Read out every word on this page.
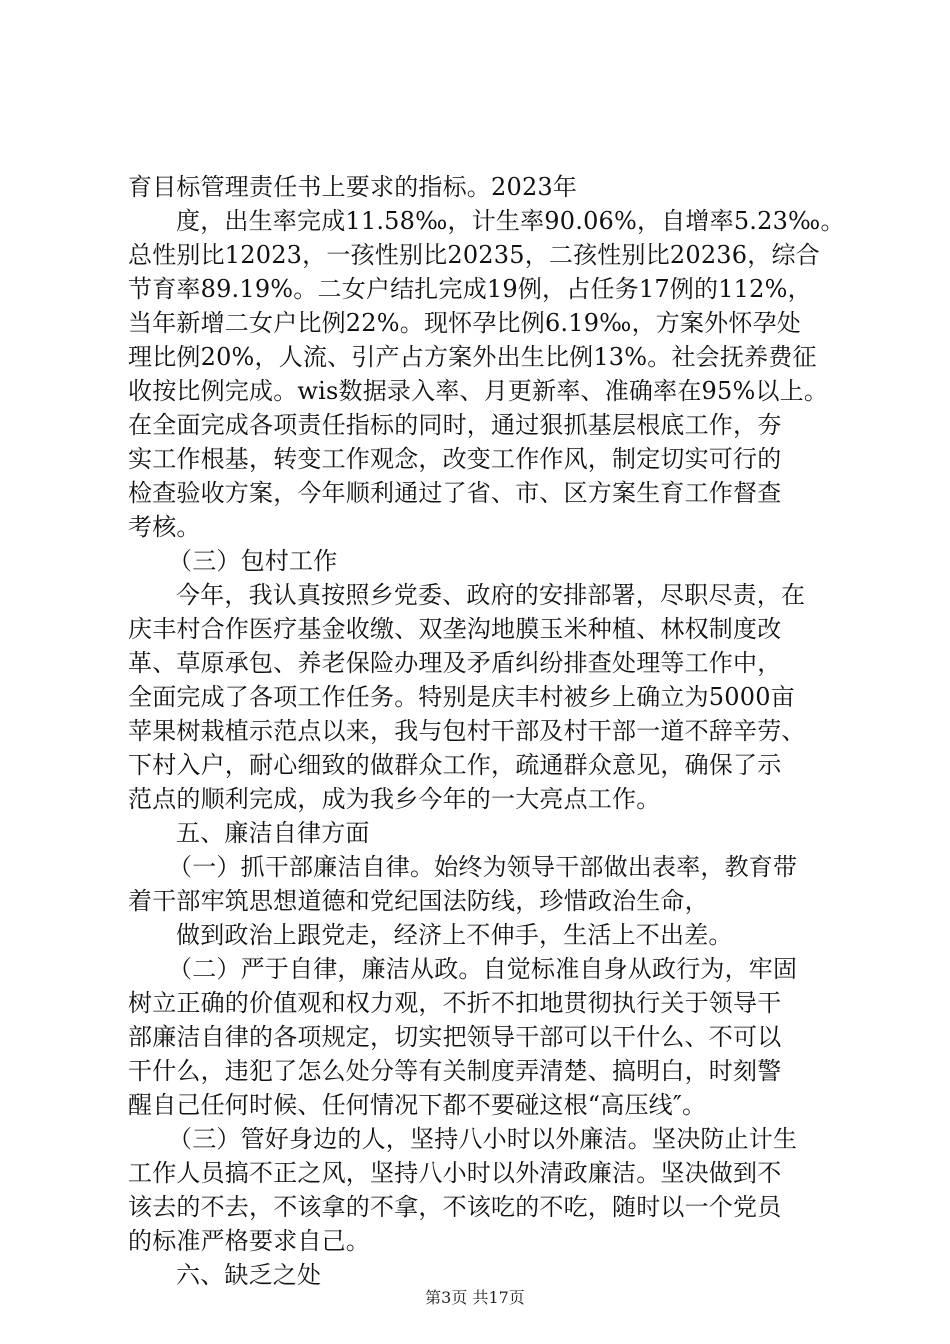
育目标管理责任书上要求的指标。2023年
度，出生率完成11.58‰，计生率90.06%，自增率5.23‰。
总性别比12023，一孩性别比20235，二孩性别比20236，综合
节育率89.19%。二女户结扎完成19例，占任务17例的112%，
当年新增二女户比例22%。现怀孕比例6.19‰，方案外怀孕处
理比例20%，人流、引产占方案外出生比例13%。社会抚养费征
收按比例完成。wis数据录入率、月更新率、准确率在95%以上。
在全面完成各项责任指标的同时，通过狠抓基层根底工作，夯
实工作根基，转变工作观念，改变工作作风，制定切实可行的
检查验收方案，今年顺利通过了省、市、区方案生育工作督查
考核。
（三）包村工作
今年，我认真按照乡党委、政府的安排部署，尽职尽责，在
庆丰村合作医疗基金收缴、双垄沟地膜玉米种植、林权制度改
革、草原承包、养老保险办理及矛盾纠纷排查处理等工作中，
全面完成了各项工作任务。特别是庆丰村被乡上确立为5000亩
苹果树栽植示范点以来，我与包村干部及村干部一道不辞辛劳、
下村入户，耐心细致的做群众工作，疏通群众意见，确保了示
范点的顺利完成，成为我乡今年的一大亮点工作。
五、廉洁自律方面
（一）抓干部廉洁自律。始终为领导干部做出表率，教育带
着干部牢筑思想道德和党纪国法防线，珍惜政治生命，
做到政治上跟党走，经济上不伸手，生活上不出差。
（二）严于自律，廉洁从政。自觉标准自身从政行为，牢固
树立正确的价值观和权力观，不折不扣地贯彻执行关于领导干
部廉洁自律的各项规定，切实把领导干部可以干什么、不可以
干什么，违犯了怎么处分等有关制度弄清楚、搞明白，时刻警
醒自己任何时候、任何情况下都不要碰这根“高压线″。
（三）管好身边的人，坚持八小时以外廉洁。坚决防止计生
工作人员搞不正之风，坚持八小时以外清政廉洁。坚决做到不
该去的不去，不该拿的不拿，不该吃的不吃，随时以一个党员
的标准严格要求自己。
六、缺乏之处
第3页 共17页
